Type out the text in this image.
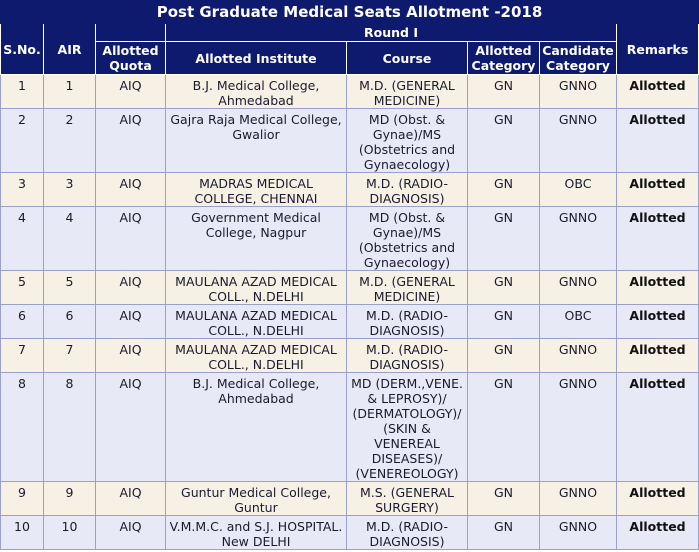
Post Graduate Medical Seats Allotment -2018							
S.No.	AIR		Round I				Remarks
		Allotted Quota	Allotted Institute	Course	Allotted Category	Candidate Category	
1	1	AIQ	B.J. Medical College, Ahmedabad	M.D. (GENERAL MEDICINE)	GN	GNNO	Allotted
2	2	AIQ	Gajra Raja Medical College, Gwalior	MD (Obst. & Gynae)/MS (Obstetrics and Gynaecology)	GN	GNNO	Allotted
3	3	AIQ	MADRAS MEDICAL COLLEGE, CHENNAI	M.D. (RADIO-DIAGNOSIS)	GN	OBC	Allotted
4	4	AIQ	Government Medical College, Nagpur	MD (Obst. & Gynae)/MS (Obstetrics and Gynaecology)	GN	GNNO	Allotted
5	5	AIQ	MAULANA AZAD MEDICAL COLL., N.DELHI	M.D. (GENERAL MEDICINE)	GN	GNNO	Allotted
6	6	AIQ	MAULANA AZAD MEDICAL COLL., N.DELHI	M.D. (RADIO-DIAGNOSIS)	GN	OBC	Allotted
7	7	AIQ	MAULANA AZAD MEDICAL COLL., N.DELHI	M.D. (RADIO-DIAGNOSIS)	GN	GNNO	Allotted
8	8	AIQ	B.J. Medical College, Ahmedabad	MD (DERM.,VENE. & LEPROSY)/ (DERMATOLOGY)/ (SKIN & VENEREAL DISEASES)/ (VENEREOLOGY)	GN	GNNO	Allotted
9	9	AIQ	Guntur Medical College, Guntur	M.S. (GENERAL SURGERY)	GN	GNNO	Allotted
10	10	AIQ	V.M.M.C. and S.J. HOSPITAL. New DELHI	M.D. (RADIO-DIAGNOSIS)	GN	GNNO	Allotted
